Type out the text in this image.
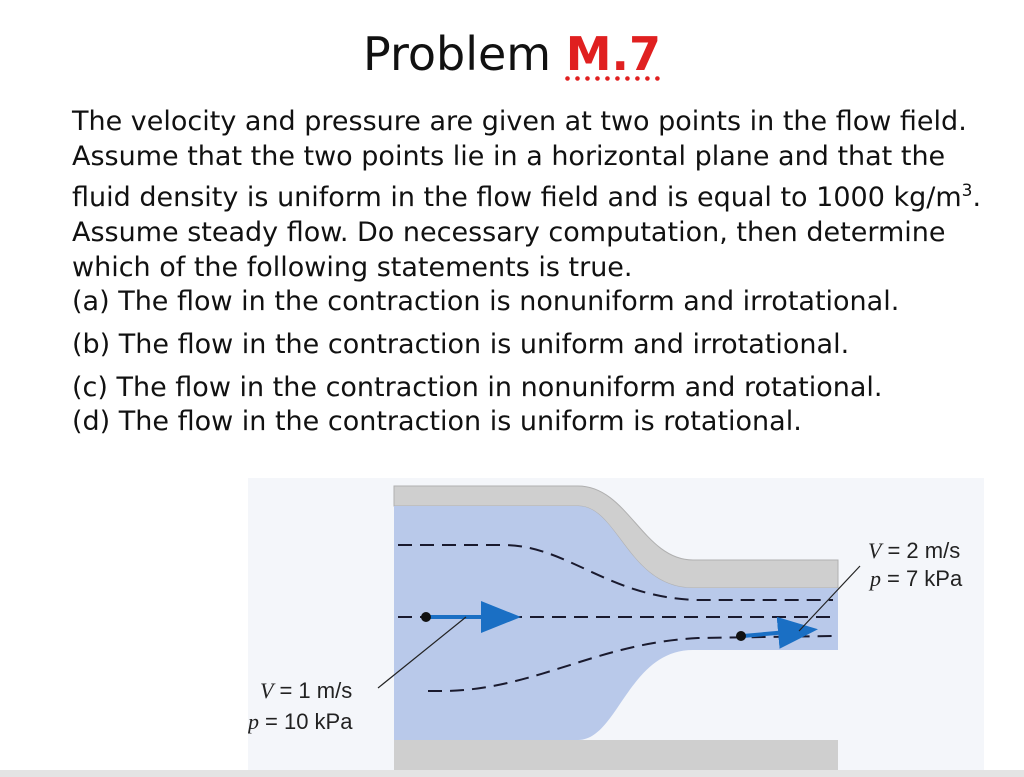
Problem M.7

The velocity and pressure are given at two points in the flow field. Assume that the two points lie in a horizontal plane and that the fluid density is uniform in the flow field and is equal to 1000 $kg/m^3$. Assume steady flow. Do necessary computation, then determine which of the following statements is true.

(a) The flow in the contraction is nonuniform and irrotational.
(b) The flow in the contraction is uniform and irrotational.
(c) The flow in the contraction in nonuniform and rotational.
(d) The flow in the contraction is uniform is rotational.
V = 1 m/s
p = 10 kPa
V = 2 m/s
p = 7 kPa
